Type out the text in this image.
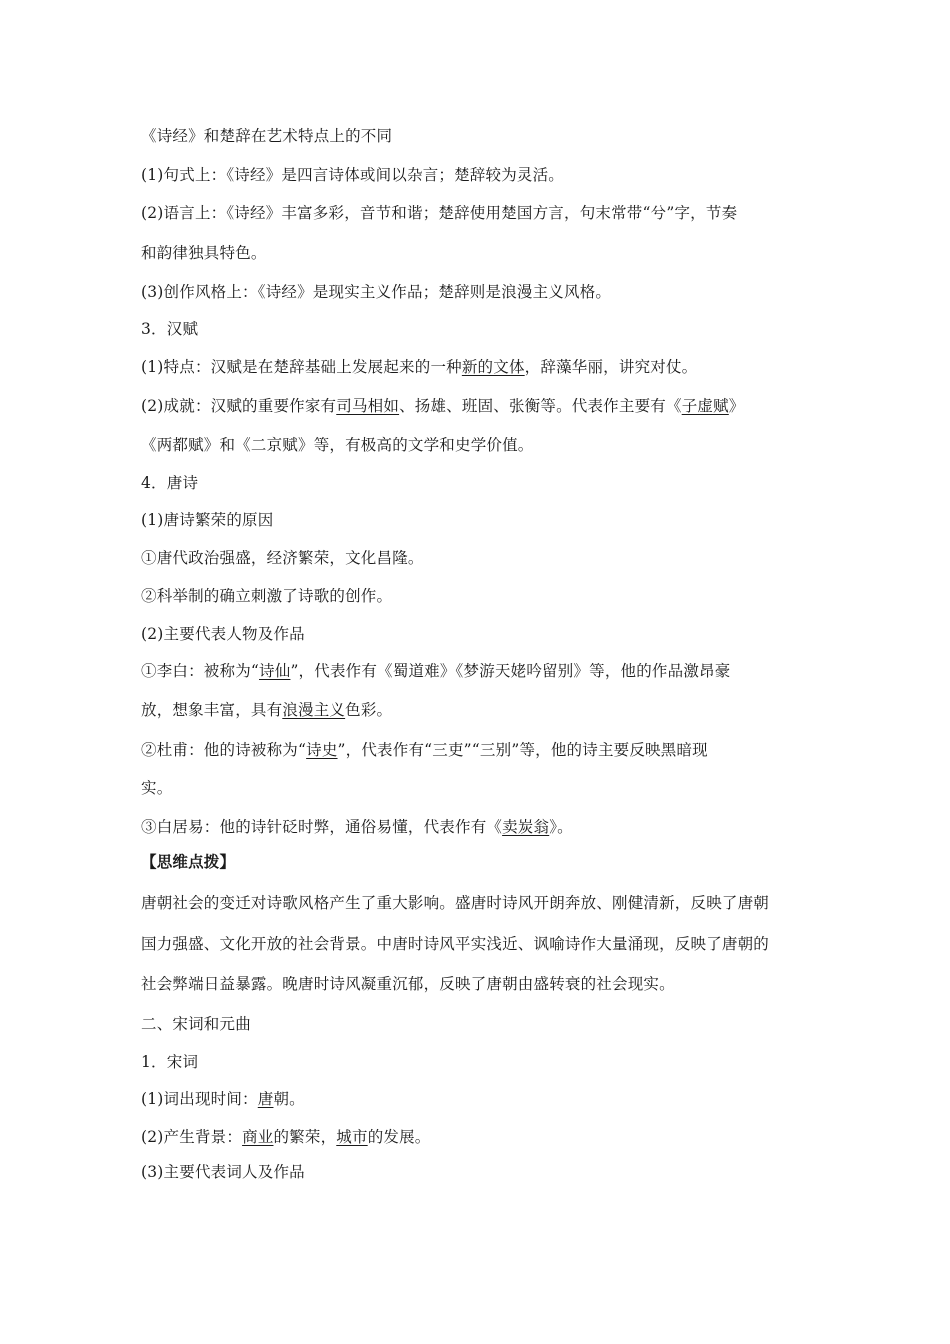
《诗经》和楚辞在艺术特点上的不同
(1)句式上：《诗经》是四言诗体或间以杂言；楚辞较为灵活。
(2)语言上：《诗经》丰富多彩，音节和谐；楚辞使用楚国方言，句末常带“兮”字，节奏
和韵律独具特色。
(3)创作风格上：《诗经》是现实主义作品；楚辞则是浪漫主义风格。
3．汉赋
(1)特点：汉赋是在楚辞基础上发展起来的一种新的文体，辞藻华丽，讲究对仗。
(2)成就：汉赋的重要作家有司马相如、扬雄、班固、张衡等。代表作主要有《子虚赋》
《两都赋》和《二京赋》等，有极高的文学和史学价值。
4．唐诗
(1)唐诗繁荣的原因
①唐代政治强盛，经济繁荣，文化昌隆。
②科举制的确立刺激了诗歌的创作。
(2)主要代表人物及作品
①李白：被称为“诗仙”，代表作有《蜀道难》《梦游天姥吟留别》等，他的作品激昂豪
放，想象丰富，具有浪漫主义色彩。
②杜甫：他的诗被称为“诗史”，代表作有“三吏”“三别”等，他的诗主要反映黑暗现
实。
③白居易：他的诗针砭时弊，通俗易懂，代表作有《卖炭翁》。
【思维点拨】
唐朝社会的变迁对诗歌风格产生了重大影响。盛唐时诗风开朗奔放、刚健清新，反映了唐朝
国力强盛、文化开放的社会背景。中唐时诗风平实浅近、讽喻诗作大量涌现，反映了唐朝的
社会弊端日益暴露。晚唐时诗风凝重沉郁，反映了唐朝由盛转衰的社会现实。
二、宋词和元曲
1．宋词
(1)词出现时间：唐朝。
(2)产生背景：商业的繁荣，城市的发展。
(3)主要代表词人及作品
